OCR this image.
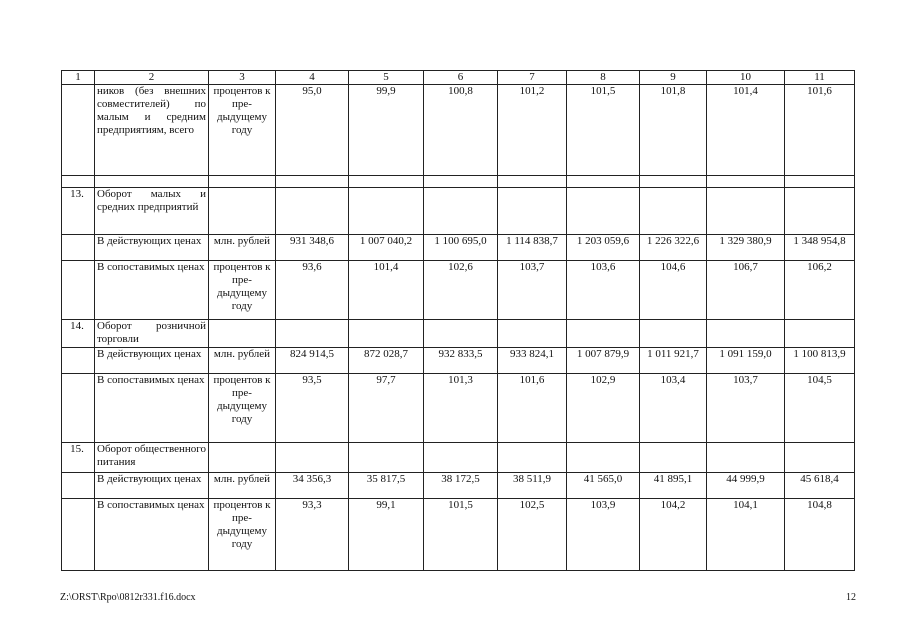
1	2	3	4	5	6	7	8	9	10	11
	ников (без внешних совместителей) по малым и средним предприятиям, всего	процентов к пре-дыдущему году	95,0	99,9	100,8	101,2	101,5	101,8	101,4	101,6

13.	Оборот малых и средних предприятий									
	В действующих ценах	млн. рублей	931 348,6	1 007 040,2	1 100 695,0	1 114 838,7	1 203 059,6	1 226 322,6	1 329 380,9	1 348 954,8
	В сопоставимых ценах	процентов к пре-дыдущему году	93,6	101,4	102,6	103,7	103,6	104,6	106,7	106,2
14.	Оборот розничной торговли									
	В действующих ценах	млн. рублей	824 914,5	872 028,7	932 833,5	933 824,1	1 007 879,9	1 011 921,7	1 091 159,0	1 100 813,9
	В сопоставимых ценах	процентов к пре-дыдущему году	93,5	97,7	101,3	101,6	102,9	103,4	103,7	104,5
15.	Оборот общественного питания									
	В действующих ценах	млн. рублей	34 356,3	35 817,5	38 172,5	38 511,9	41 565,0	41 895,1	44 999,9	45 618,4
	В сопоставимых ценах	процентов к пре-дыдущему году	93,3	99,1	101,5	102,5	103,9	104,2	104,1	104,8
Z:\ORST\Rpo\0812r331.f16.docx	12
